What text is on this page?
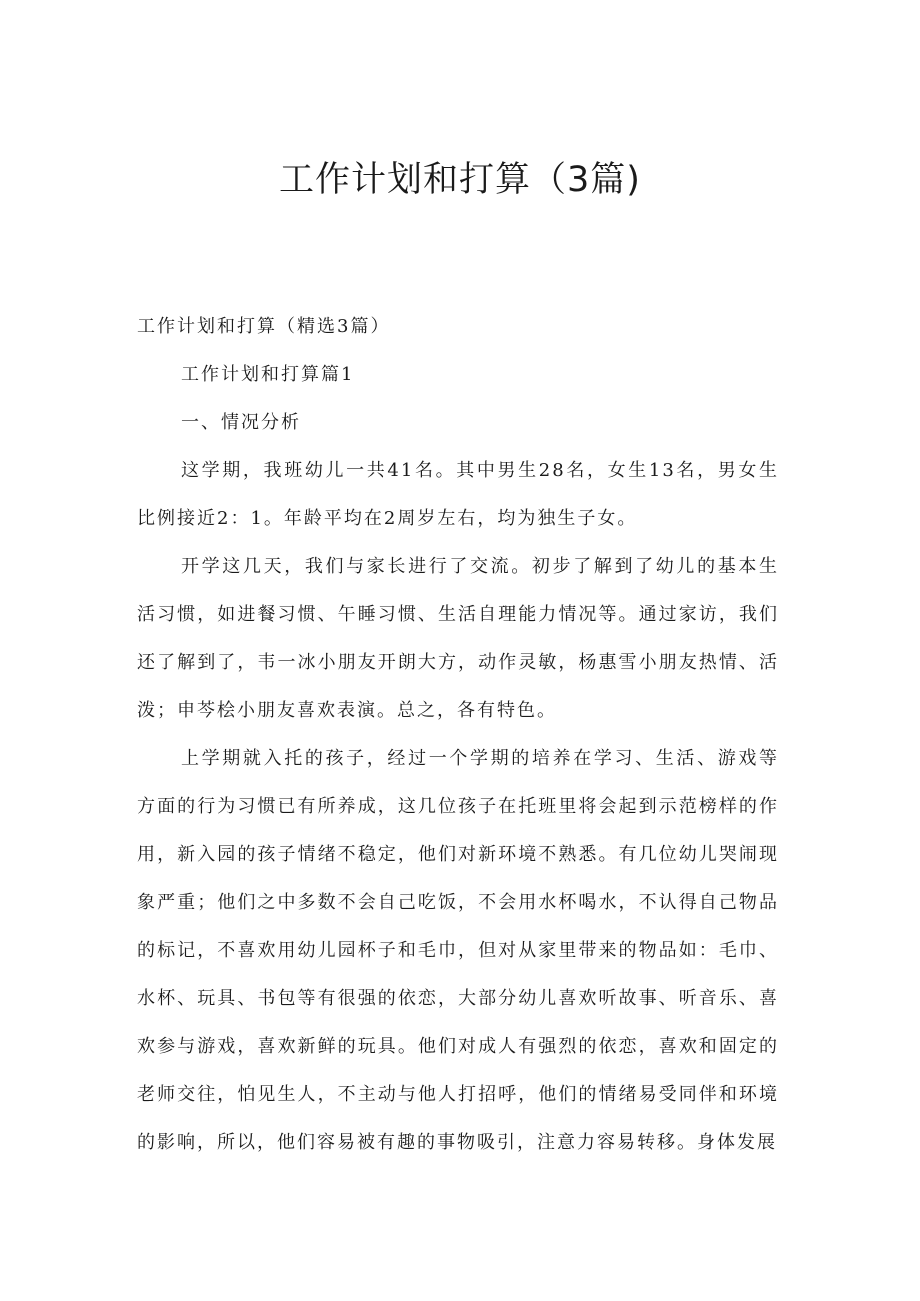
工作计划和打算（3篇)

工作计划和打算（精选3篇）

工作计划和打算篇1

一、情况分析

这学期，我班幼儿一共41名。其中男生28名，女生13名，男女生比例接近2：1。年龄平均在2周岁左右，均为独生子女。

开学这几天，我们与家长进行了交流。初步了解到了幼儿的基本生活习惯，如进餐习惯、午睡习惯、生活自理能力情况等。通过家访，我们还了解到了，韦一冰小朋友开朗大方，动作灵敏，杨惠雪小朋友热情、活泼；申芩桧小朋友喜欢表演。总之，各有特色。

上学期就入托的孩子，经过一个学期的培养在学习、生活、游戏等方面的行为习惯已有所养成，这几位孩子在托班里将会起到示范榜样的作用，新入园的孩子情绪不稳定，他们对新环境不熟悉。有几位幼儿哭闹现象严重；他们之中多数不会自己吃饭，不会用水杯喝水，不认得自己物品的标记，不喜欢用幼儿园杯子和毛巾，但对从家里带来的物品如：毛巾、水杯、玩具、书包等有很强的依恋，大部分幼儿喜欢听故事、听音乐、喜欢参与游戏，喜欢新鲜的玩具。他们对成人有强烈的依恋，喜欢和固定的老师交往，怕见生人，不主动与他人打招呼，他们的情绪易受同伴和环境的影响，所以，他们容易被有趣的事物吸引，注意力容易转移。身体发展
